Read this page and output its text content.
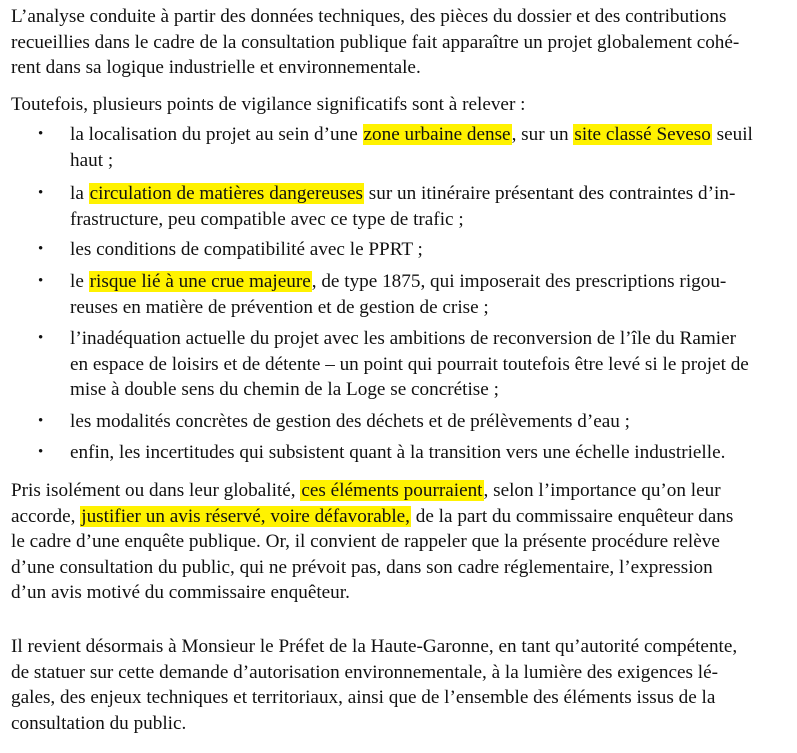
L’analyse conduite à partir des données techniques, des pièces du dossier et des contributions
recueillies dans le cadre de la consultation publique fait apparaître un projet globalement cohé-
rent dans sa logique industrielle et environnementale.
Toutefois, plusieurs points de vigilance significatifs sont à relever :
• la localisation du projet au sein d’une zone urbaine dense, sur un site classé Seveso seuil
haut ;
• la circulation de matières dangereuses sur un itinéraire présentant des contraintes d’in-
frastructure, peu compatible avec ce type de trafic ;
• les conditions de compatibilité avec le PPRT ;
• le risque lié à une crue majeure, de type 1875, qui imposerait des prescriptions rigou-
reuses en matière de prévention et de gestion de crise ;
• l’inadéquation actuelle du projet avec les ambitions de reconversion de l’île du Ramier
en espace de loisirs et de détente – un point qui pourrait toutefois être levé si le projet de
mise à double sens du chemin de la Loge se concrétise ;
• les modalités concrètes de gestion des déchets et de prélèvements d’eau ;
• enfin, les incertitudes qui subsistent quant à la transition vers une échelle industrielle.
Pris isolément ou dans leur globalité, ces éléments pourraient, selon l’importance qu’on leur
accorde, justifier un avis réservé, voire défavorable, de la part du commissaire enquêteur dans
le cadre d’une enquête publique. Or, il convient de rappeler que la présente procédure relève
d’une consultation du public, qui ne prévoit pas, dans son cadre réglementaire, l’expression
d’un avis motivé du commissaire enquêteur.
Il revient désormais à Monsieur le Préfet de la Haute-Garonne, en tant qu’autorité compétente,
de statuer sur cette demande d’autorisation environnementale, à la lumière des exigences lé-
gales, des enjeux techniques et territoriaux, ainsi que de l’ensemble des éléments issus de la
consultation du public.
